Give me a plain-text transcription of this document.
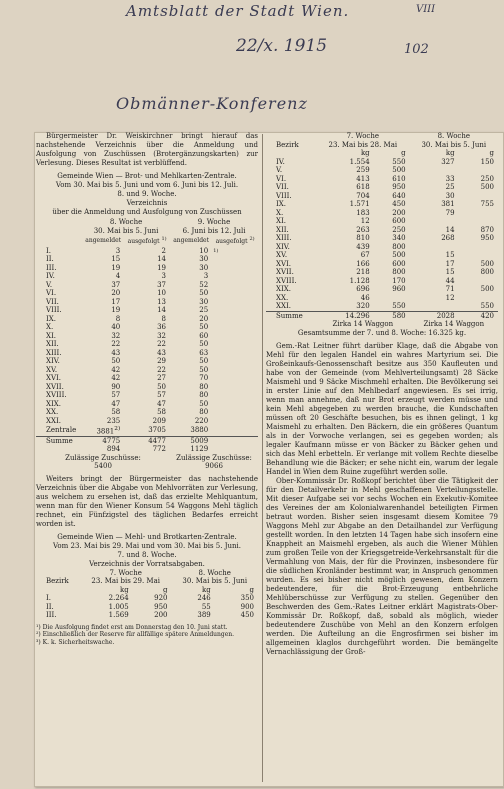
Amtsblatt der Stadt Wien.	VIII
22/x. 1915	102
Obmänner-Konferenz

Bürgermeister Dr. Weiskirchner bringt hierauf das nachstehende Verzeichnis über die Anmeldung und Ausfolgung von Zuschüssen (Brotergänzungskarten) zur Verlesung. Dieses Resultat ist verblüffend.

Gemeinde Wien — Brot- und Mehlkarten-Zentrale.

Vom 30. Mai bis 5. Juni und vom 6. Juni bis 12. Juli.

8. und 9. Woche.

Verzeichnis

über die Anmeldung und Ausfolgung von Zuschüssen

	8. Woche		9. Woche	
	30. Mai bis 5. Juni		6. Juni bis 12. Juli	
	angemeldet	ausgefolgt $^{1)}$	angemeldet	ausgefolgt $^{2)}$
I.	3	2	10	1)
II.	15	14	30	
III.	19	19	30	
IV.	4	3	3	
V.	37	37	52	
VI.	20	10	50	
VII.	17	13	30	
VIII.	19	14	25	
IX.	8	8	20	
X.	40	36	50	
XI.	32	32	60	
XII.	22	22	50	
XIII.	43	43	63	
XIV.	50	29	50	
XV.	42	22	50	
XVI.	42	27	70	
XVII.	90	50	80	
XVIII.	57	57	80	
XIX.	47	47	50	
XX.	58	58	80	
XXI.	235	209	220	
Zentrale	3881$^{2)}$	3705	3880	
Summe	4775	4477	5009	
	894	772	1129	
Zulässige Zuschüsse:			Zulässige Zuschüsse:	
5400			9066	

Weiters bringt der Bürgermeister das nachstehende Verzeichnis über die Abgabe von Mehlvorräten zur Verlesung, aus welchem zu ersehen ist, daß das erzielte Mehlquantum, wenn man für den Wiener Konsum 54 Waggons Mehl täglich rechnet, ein Fünfzigstel des täglichen Bedarfes erreicht worden ist.

Gemeinde Wien — Mehl- und Brotkarten-Zentrale.

Vom 23. Mai bis 29. Mai und vom 30. Mai bis 5. Juni.

7. und 8. Woche.

Verzeichnis der Vorratsabgaben.

	7. Woche		8. Woche	
Bezirk	23. Mai bis 29. Mai		30. Mai bis 5. Juni	
	kg	g	kg	g
I.	2.264	920	246	350
II.	1.005	950	55	900
III.	1.569	200	389	450

¹) Die Ausfolgung findet erst am Donnerstag den 10. Juni statt.

²) Einschließlich der Reserve für allfällige spätere Anmeldungen.

³) K. k. Sicherheitswache.

	7. Woche		8. Woche	
Bezirk	23. Mai bis 28. Mai		30. Mai bis 5. Juni	
	kg	g	kg	g
IV.	1.554	550	327	150
V.	259	500		
VI.	413	610	33	250
VII.	618	950	25	500
VIII.	704	640	30	
IX.	1.571	450	381	755
X.	183	200	79	
XI.	12	600		
XII.	263	250	14	870
XIII.	810	340	268	950
XIV.	439	800		
XV.	67	500	15	
XVI.	166	600	17	500
XVII.	218	800	15	800
XVIII.	1.128	170	44	
XIX.	696	960	71	500
XX.	46		12	
XXI.	320	550		550
Summe	14.296	580	2028	420
	Zirka 14 Waggon		Zirka 14 Waggon	

Gesamtsumme der 7. und 8. Woche: 16.325 kg.

Gem.-Rat Leitner führt darüber Klage, daß die Abgabe von Mehl für den legalen Handel ein wahres Martyrium sei. Die Großeinkaufs-Genossenschaft besitze aus 350 Kaufleuten und habe von der Gemeinde (vom Mehlverteilungsamt) 28 Säcke Maismehl und 9 Säcke Mischmehl erhalten. Die Bevölkerung sei in erster Linie auf den Mehlbedarf angewiesen. Es sei irrig, wenn man annehme, daß nur Brot erzeugt werden müsse und kein Mehl abgegeben zu werden brauche, die Kundschaften müssen oft 20 Geschäfte besuchen, bis es ihnen gelingt, 1 kg Maismehl zu erhalten. Den Bäckern, die ein größeres Quantum als in der Vorwoche verlangen, sei es gegeben worden; als legaler Kaufmann müsse er von Bäcker zu Bäcker gehen und sich das Mehl erbetteln. Er verlange mit vollem Rechte dieselbe Behandlung wie die Bäcker; er sehe nicht ein, warum der legale Handel in Wien dem Ruine zugeführt werden solle.

Ober-Kommissär Dr. Roßkopf berichtet über die Tätigkeit der für den Detailverkehr in Mehl geschaffenen Verteilungsstelle. Mit dieser Aufgabe sei vor sechs Wochen ein Exekutiv-Komitee des Vereines der am Kolonialwarenhandel beteiligten Firmen betraut worden. Bisher seien insgesamt diesem Komitee 79 Waggons Mehl zur Abgabe an den Detailhandel zur Verfügung gestellt worden. In den letzten 14 Tagen habe sich insofern eine Knappheit an Maismehl ergeben, als auch die Wiener Mühlen zum großen Teile von der Kriegsgetreide-Verkehrsanstalt für die Vermahlung von Mais, der für die Provinzen, insbesondere für die südlichen Kronländer bestimmt war, in Anspruch genommen wurden. Es sei bisher nicht möglich gewesen, dem Konzern bedeutendere, für die Brot-Erzeugung entbehrliche Mehlüberschüsse zur Verfügung zu stellen. Gegenüber den Beschwerden des Gem.-Rates Leitner erklärt Magistrats-Ober-Kommissär Dr. Roßkopf, daß, sobald als möglich, wieder bedeutendere Zuschübe von Mehl an den Konzern erfolgen werden. Die Aufteilung an die Engrosfirmen sei bisher im allgemeinen klaglos durchgeführt worden. Die bemängelte Vernachlässigung der Groß-
